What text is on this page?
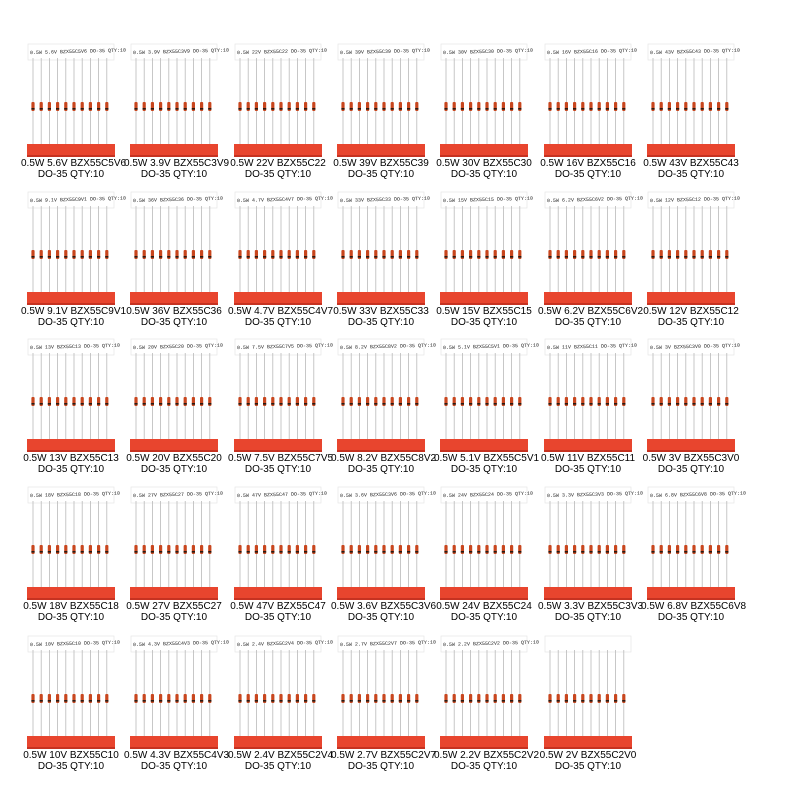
0.5W 5.6V BZX55C5V6 DO-35 QTY:10
0.5W 5.6V BZX55C5V6
DO-35 QTY:10
0.5W 3.9V BZX55C3V9 DO-35 QTY:10
0.5W 3.9V BZX55C3V9
DO-35 QTY:10
0.5W 22V BZX55C22 DO-35 QTY:10
0.5W 22V BZX55C22
DO-35 QTY:10
0.5W 39V BZX55C39 DO-35 QTY:10
0.5W 39V BZX55C39
DO-35 QTY:10
0.5W 30V BZX55C30 DO-35 QTY:10
0.5W 30V BZX55C30
DO-35 QTY:10
0.5W 16V BZX55C16 DO-35 QTY:10
0.5W 16V BZX55C16
DO-35 QTY:10
0.5W 43V BZX55C43 DO-35 QTY:10
0.5W 43V BZX55C43
DO-35 QTY:10
0.5W 9.1V BZX55C9V1 DO-35 QTY:10
0.5W 9.1V BZX55C9V1
DO-35 QTY:10
0.5W 36V BZX55C36 DO-35 QTY:10
0.5W 36V BZX55C36
DO-35 QTY:10
0.5W 4.7V BZX55C4V7 DO-35 QTY:10
0.5W 4.7V BZX55C4V7
DO-35 QTY:10
0.5W 33V BZX55C33 DO-35 QTY:10
0.5W 33V BZX55C33
DO-35 QTY:10
0.5W 15V BZX55C15 DO-35 QTY:10
0.5W 15V BZX55C15
DO-35 QTY:10
0.5W 6.2V BZX55C6V2 DO-35 QTY:10
0.5W 6.2V BZX55C6V2
DO-35 QTY:10
0.5W 12V BZX55C12 DO-35 QTY:10
0.5W 12V BZX55C12
DO-35 QTY:10
0.5W 13V BZX55C13 DO-35 QTY:10
0.5W 13V BZX55C13
DO-35 QTY:10
0.5W 20V BZX55C20 DO-35 QTY:10
0.5W 20V BZX55C20
DO-35 QTY:10
0.5W 7.5V BZX55C7V5 DO-35 QTY:10
0.5W 7.5V BZX55C7V5
DO-35 QTY:10
0.5W 8.2V BZX55C8V2 DO-35 QTY:10
0.5W 8.2V BZX55C8V2
DO-35 QTY:10
0.5W 5.1V BZX55C5V1 DO-35 QTY:10
0.5W 5.1V BZX55C5V1
DO-35 QTY:10
0.5W 11V BZX55C11 DO-35 QTY:10
0.5W 11V BZX55C11
DO-35 QTY:10
0.5W 3V BZX55C3V0 DO-35 QTY:10
0.5W 3V BZX55C3V0
DO-35 QTY:10
0.5W 18V BZX55C18 DO-35 QTY:10
0.5W 18V BZX55C18
DO-35 QTY:10
0.5W 27V BZX55C27 DO-35 QTY:10
0.5W 27V BZX55C27
DO-35 QTY:10
0.5W 47V BZX55C47 DO-35 QTY:10
0.5W 47V BZX55C47
DO-35 QTY:10
0.5W 3.6V BZX55C3V6 DO-35 QTY:10
0.5W 3.6V BZX55C3V6
DO-35 QTY:10
0.5W 24V BZX55C24 DO-35 QTY:10
0.5W 24V BZX55C24
DO-35 QTY:10
0.5W 3.3V BZX55C3V3 DO-35 QTY:10
0.5W 3.3V BZX55C3V3
DO-35 QTY:10
0.5W 6.8V BZX55C6V8 DO-35 QTY:10
0.5W 6.8V BZX55C6V8
DO-35 QTY:10
0.5W 10V BZX55C10 DO-35 QTY:10
0.5W 10V BZX55C10
DO-35 QTY:10
0.5W 4.3V BZX55C4V3 DO-35 QTY:10
0.5W 4.3V BZX55C4V3
DO-35 QTY:10
0.5W 2.4V BZX55C2V4 DO-35 QTY:10
0.5W 2.4V BZX55C2V4
DO-35 QTY:10
0.5W 2.7V BZX55C2V7 DO-35 QTY:10
0.5W 2.7V BZX55C2V7
DO-35 QTY:10
0.5W 2.2V BZX55C2V2 DO-35 QTY:10
0.5W 2.2V BZX55C2V2
DO-35 QTY:10
0.5W 2V BZX55C2V0
DO-35 QTY:10
